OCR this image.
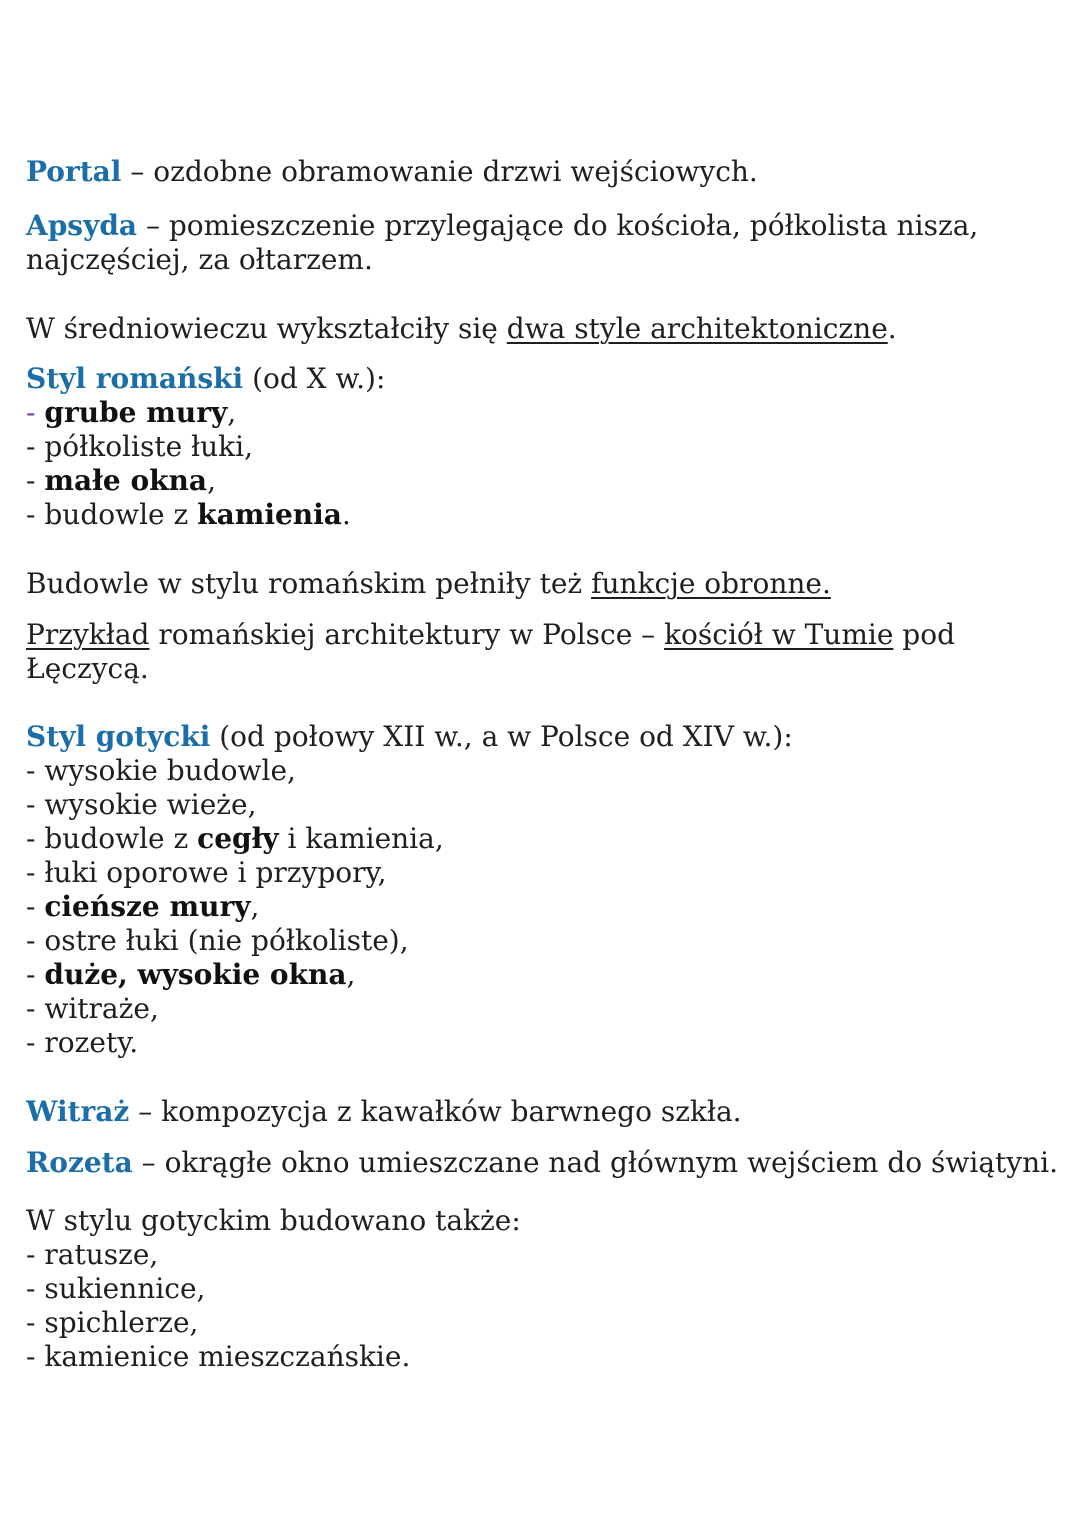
Portal – ozdobne obramowanie drzwi wejściowych.
Apsyda – pomieszczenie przylegające do kościoła, półkolista nisza,
najczęściej, za ołtarzem.
W średniowieczu wykształciły się dwa style architektoniczne.
Styl romański (od X w.):
- grube mury,
- półkoliste łuki,
- małe okna,
- budowle z kamienia.
Budowle w stylu romańskim pełniły też funkcje obronne.
Przykład romańskiej architektury w Polsce – kościół w Tumie pod
Łęczycą.
Styl gotycki (od połowy XII w., a w Polsce od XIV w.):
- wysokie budowle,
- wysokie wieże,
- budowle z cegły i kamienia,
- łuki oporowe i przypory,
- cieńsze mury,
- ostre łuki (nie półkoliste),
- duże, wysokie okna,
- witraże,
- rozety.
Witraż – kompozycja z kawałków barwnego szkła.
Rozeta – okrągłe okno umieszczane nad głównym wejściem do świątyni.
W stylu gotyckim budowano także:
- ratusze,
- sukiennice,
- spichlerze,
- kamienice mieszczańskie.
